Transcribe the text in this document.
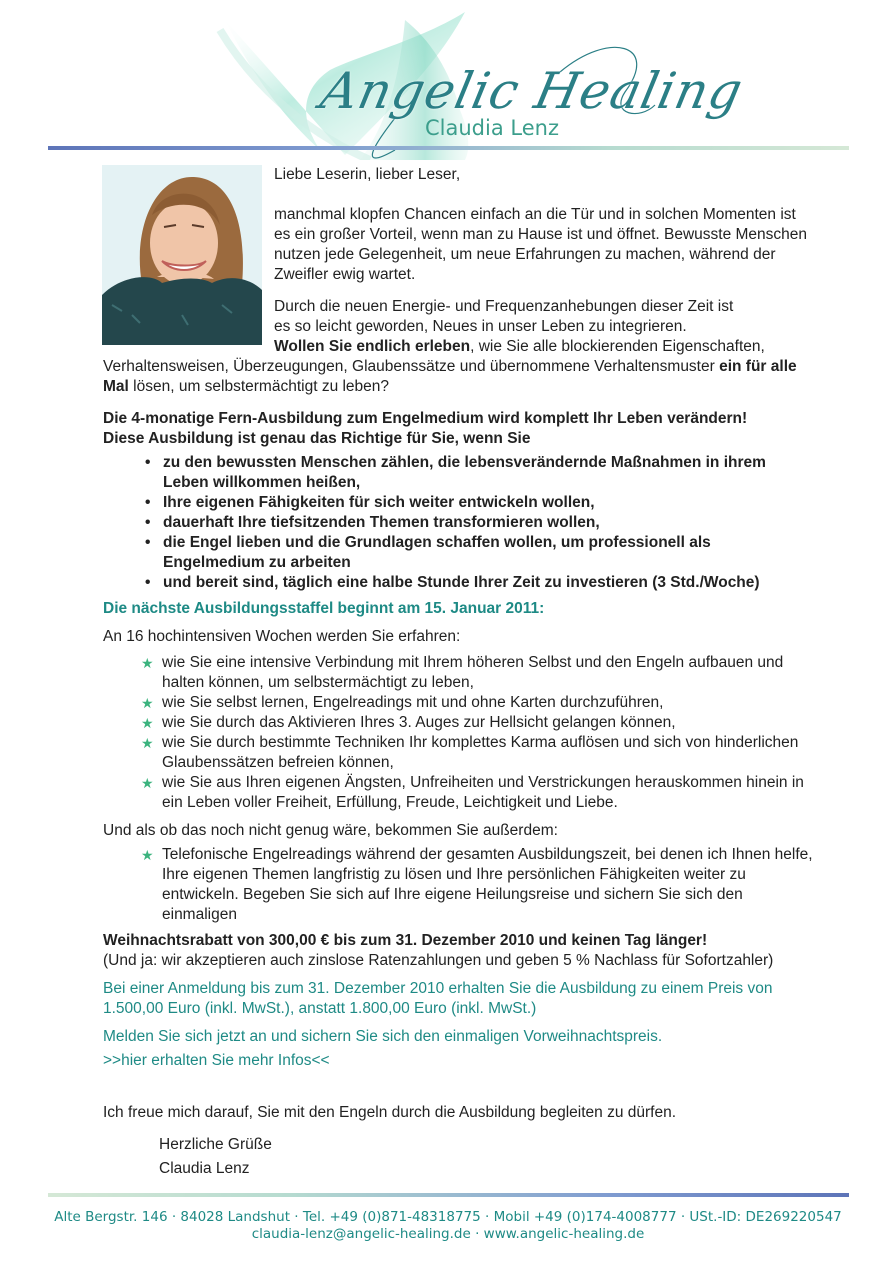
Angelic Healing
Claudia Lenz

Liebe Leserin, lieber Leser,

manchmal klopfen Chancen einfach an die Tür und in solchen Momenten ist es ein großer Vorteil, wenn man zu Hause ist und öffnet. Bewusste Menschen nutzen jede Gelegenheit, um neue Erfahrungen zu machen, während der Zweifler ewig wartet.

Durch die neuen Energie- und Frequenzanhebungen dieser Zeit ist
es so leicht geworden, Neues in unser Leben zu integrieren.
Wollen Sie endlich erleben, wie Sie alle blockierenden Eigenschaften, Verhaltensweisen, Überzeugungen, Glaubenssätze und übernommene Verhaltensmuster ein für alle Mal lösen, um selbstermächtigt zu leben?

Die 4-monatige Fern-Ausbildung zum Engelmedium wird komplett Ihr Leben verändern!

Diese Ausbildung ist genau das Richtige für Sie, wenn Sie

• zu den bewussten Menschen zählen, die lebensverändernde Maßnahmen in ihrem Leben willkommen heißen,
• Ihre eigenen Fähigkeiten für sich weiter entwickeln wollen,
• dauerhaft Ihre tiefsitzenden Themen transformieren wollen,
• die Engel lieben und die Grundlagen schaffen wollen, um professionell als Engelmedium zu arbeiten
• und bereit sind, täglich eine halbe Stunde Ihrer Zeit zu investieren (3 Std./Woche)

Die nächste Ausbildungsstaffel beginnt am 15. Januar 2011:

An 16 hochintensiven Wochen werden Sie erfahren:

★ wie Sie eine intensive Verbindung mit Ihrem höheren Selbst und den Engeln aufbauen und halten können, um selbstermächtigt zu leben,
★ wie Sie selbst lernen, Engelreadings mit und ohne Karten durchzuführen,
★ wie Sie durch das Aktivieren Ihres 3. Auges zur Hellsicht gelangen können,
★ wie Sie durch bestimmte Techniken Ihr komplettes Karma auflösen und sich von hinderlichen Glaubenssätzen befreien können,
★ wie Sie aus Ihren eigenen Ängsten, Unfreiheiten und Verstrickungen herauskommen hinein in ein Leben voller Freiheit, Erfüllung, Freude, Leichtigkeit und Liebe.

Und als ob das noch nicht genug wäre, bekommen Sie außerdem:

★ Telefonische Engelreadings während der gesamten Ausbildungszeit, bei denen ich Ihnen helfe, Ihre eigenen Themen langfristig zu lösen und Ihre persönlichen Fähigkeiten weiter zu entwickeln. Begeben Sie sich auf Ihre eigene Heilungsreise und sichern Sie sich den einmaligen

Weihnachtsrabatt von 300,00 € bis zum 31. Dezember 2010 und keinen Tag länger!

(Und ja: wir akzeptieren auch zinslose Ratenzahlungen und geben 5 % Nachlass für Sofortzahler)

Bei einer Anmeldung bis zum 31. Dezember 2010 erhalten Sie die Ausbildung zu einem Preis von 1.500,00 Euro (inkl. MwSt.), anstatt 1.800,00 Euro (inkl. MwSt.)

Melden Sie sich jetzt an und sichern Sie sich den einmaligen Vorweihnachtspreis.

>>hier erhalten Sie mehr Infos<<

Ich freue mich darauf, Sie mit den Engeln durch die Ausbildung begleiten zu dürfen.

Herzliche Grüße

Claudia Lenz

Alte Bergstr. 146 · 84028 Landshut · Tel. +49 (0)871-48318775 · Mobil +49 (0)174-4008777 · USt.-ID: DE269220547
claudia-lenz@angelic-healing.de · www.angelic-healing.de
